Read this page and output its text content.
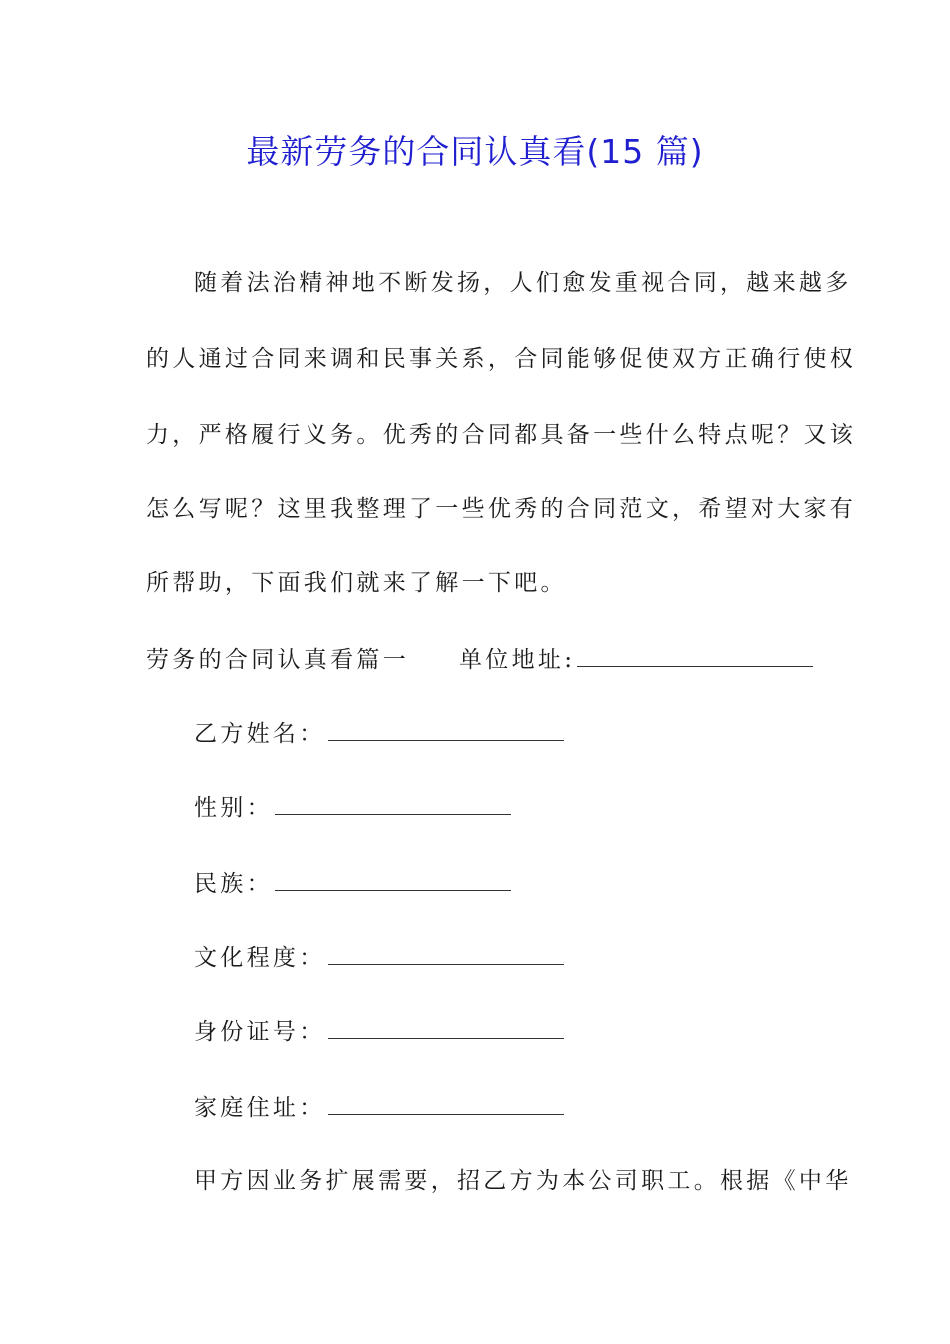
最新劳务的合同认真看(15 篇)
随着法治精神地不断发扬，人们愈发重视合同，越来越多
的人通过合同来调和民事关系，合同能够促使双方正确行使权
力，严格履行义务。优秀的合同都具备一些什么特点呢？又该
怎么写呢？这里我整理了一些优秀的合同范文，希望对大家有
所帮助，下面我们就来了解一下吧。
劳务的合同认真看篇一 单位地址:
乙方姓名：
性别：
民族：
文化程度：
身份证号：
家庭住址：
甲方因业务扩展需要，招乙方为本公司职工。根据《中华
